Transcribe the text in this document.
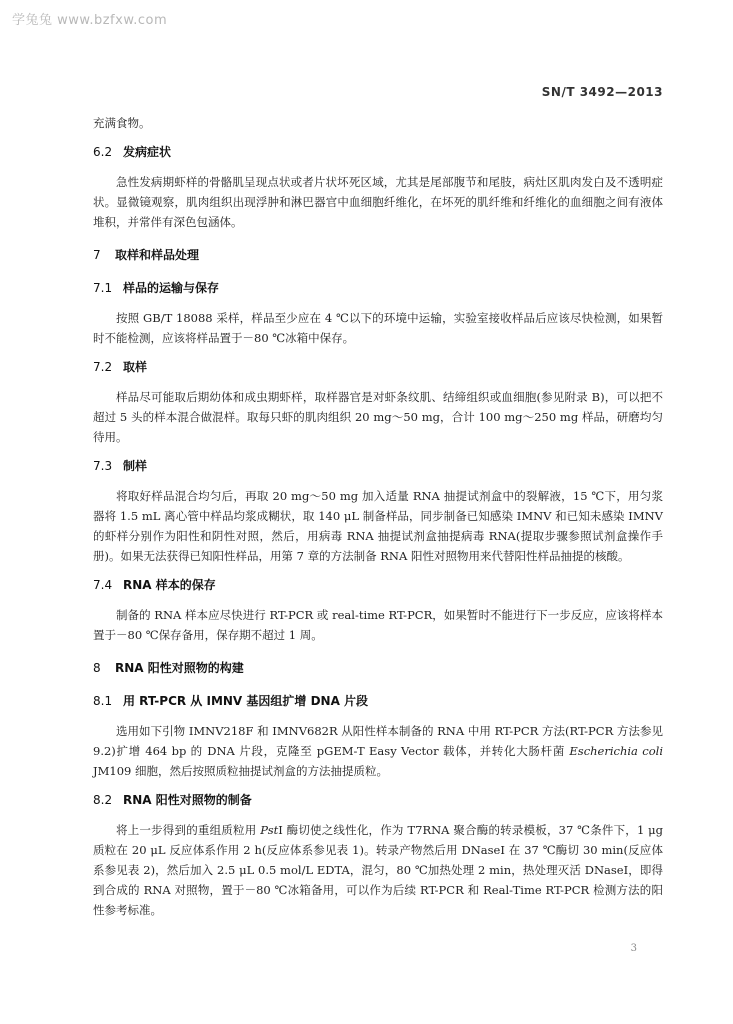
学兔兔 www.bzfxw.com
SN/T 3492—2013

充满食物。

6.2 发病症状

急性发病期虾样的骨骼肌呈现点状或者片状坏死区域，尤其是尾部腹节和尾肢，病灶区肌肉发白及不透明症状。显微镜观察，肌肉组织出现浮肿和淋巴器官中血细胞纤维化，在坏死的肌纤维和纤维化的血细胞之间有液体堆积，并常伴有深色包涵体。

7 取样和样品处理
7.1 样品的运输与保存

按照 GB/T 18088 采样，样品至少应在 4 ℃以下的环境中运输，实验室接收样品后应该尽快检测，如果暂时不能检测，应该将样品置于－80 ℃冰箱中保存。

7.2 取样

样品尽可能取后期幼体和成虫期虾样，取样器官是对虾条纹肌、结缔组织或血细胞(参见附录 B)，可以把不超过 5 头的样本混合做混样。取每只虾的肌肉组织 20 mg～50 mg，合计 100 mg～250 mg 样品，研磨均匀待用。

7.3 制样

将取好样品混合均匀后，再取 20 mg～50 mg 加入适量 RNA 抽提试剂盒中的裂解液，15 ℃下，用匀浆器将 1.5 mL 离心管中样品均浆成糊状，取 140 μL 制备样品，同步制备已知感染 IMNV 和已知未感染 IMNV 的虾样分别作为阳性和阴性对照，然后，用病毒 RNA 抽提试剂盒抽提病毒 RNA(提取步骤参照试剂盒操作手册)。如果无法获得已知阳性样品，用第 7 章的方法制备 RNA 阳性对照物用来代替阳性样品抽提的核酸。

7.4 RNA 样本的保存

制备的 RNA 样本应尽快进行 RT-PCR 或 real-time RT-PCR，如果暂时不能进行下一步反应，应该将样本置于－80 ℃保存备用，保存期不超过 1 周。

8 RNA 阳性对照物的构建
8.1 用 RT-PCR 从 IMNV 基因组扩增 DNA 片段

选用如下引物 IMNV218F 和 IMNV682R 从阳性样本制备的 RNA 中用 RT-PCR 方法(RT-PCR 方法参见 9.2)扩增 464 bp 的 DNA 片段，克隆至 pGEM-T Easy Vector 载体，并转化大肠杆菌 Escherichia coli JM109 细胞，然后按照质粒抽提试剂盒的方法抽提质粒。

8.2 RNA 阳性对照物的制备

将上一步得到的重组质粒用 PstI 酶切使之线性化，作为 T7RNA 聚合酶的转录模板，37 ℃条件下，1 μg 质粒在 20 μL 反应体系作用 2 h(反应体系参见表 1)。转录产物然后用 DNaseI 在 37 ℃酶切 30 min(反应体系参见表 2)，然后加入 2.5 μL 0.5 mol/L EDTA，混匀，80 ℃加热处理 2 min，热处理灭活 DNaseI，即得到合成的 RNA 对照物，置于－80 ℃冰箱备用，可以作为后续 RT-PCR 和 Real-Time RT-PCR 检测方法的阳性参考标准。

3
